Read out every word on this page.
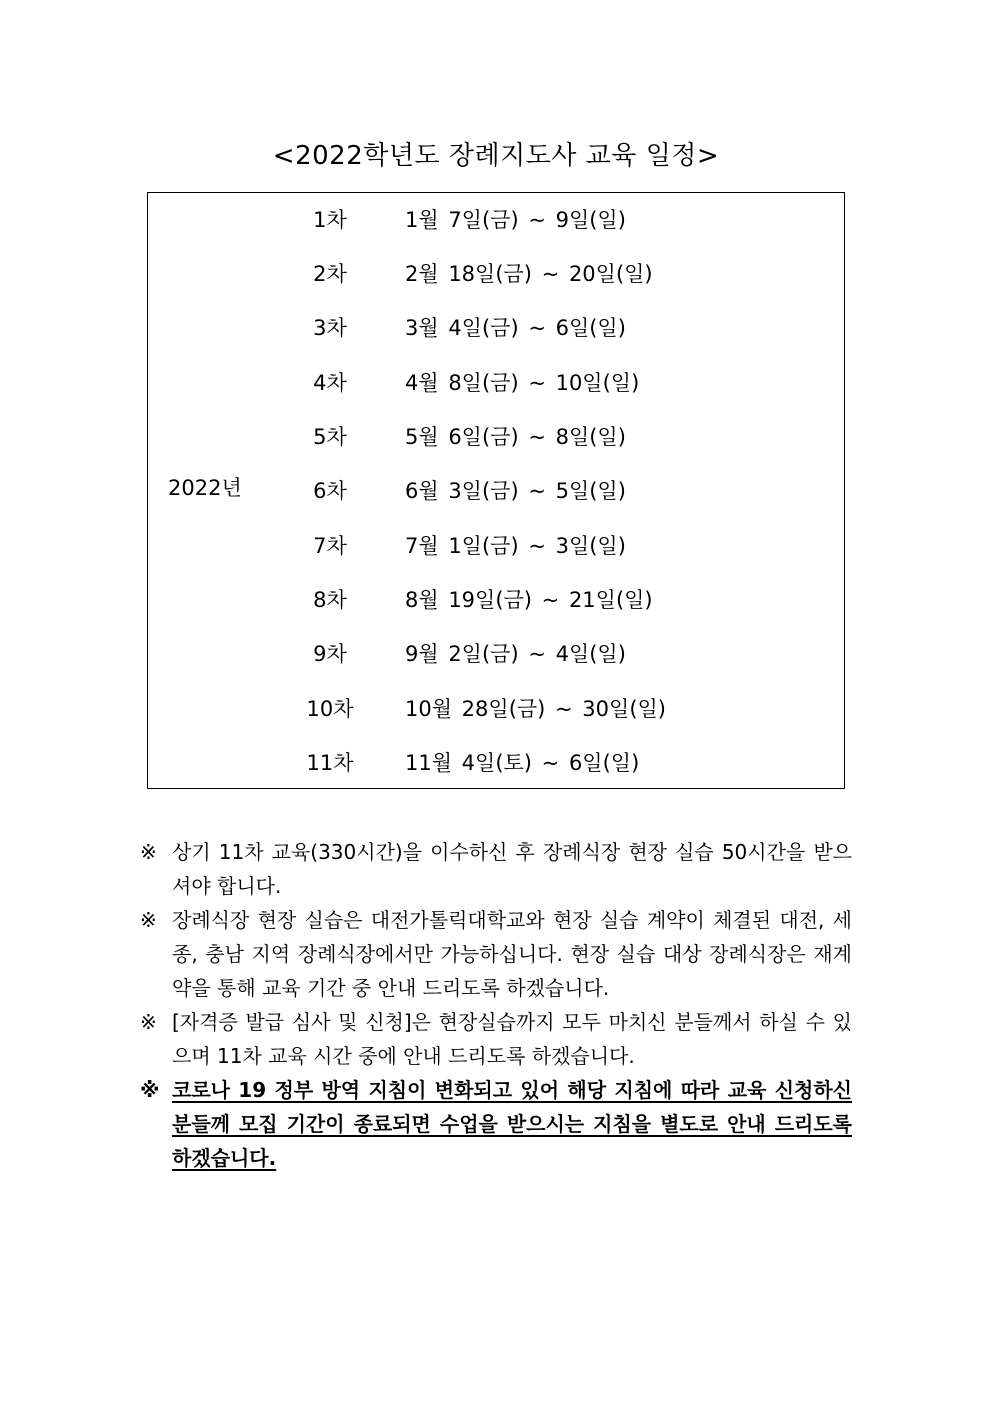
<2022학년도 장례지도사 교육 일정>
2022년
1차	1월 7일(금) ~ 9일(일)
2차	2월 18일(금) ~ 20일(일)
3차	3월 4일(금) ~ 6일(일)
4차	4월 8일(금) ~ 10일(일)
5차	5월 6일(금) ~ 8일(일)
6차	6월 3일(금) ~ 5일(일)
7차	7월 1일(금) ~ 3일(일)
8차	8월 19일(금) ~ 21일(일)
9차	9월 2일(금) ~ 4일(일)
10차	10월 28일(금) ~ 30일(일)
11차	11월 4일(토) ~ 6일(일)
※ 상기 11차 교육(330시간)을 이수하신 후 장례식장 현장 실습 50시간을 받으셔야 합니다.
※ 장례식장 현장 실습은 대전가톨릭대학교와 현장 실습 계약이 체결된 대전, 세종, 충남 지역 장례식장에서만 가능하십니다. 현장 실습 대상 장례식장은 재계약을 통해 교육 기간 중 안내 드리도록 하겠습니다.
※ [자격증 발급 심사 및 신청]은 현장실습까지 모두 마치신 분들께서 하실 수 있으며 11차 교육 시간 중에 안내 드리도록 하겠습니다.
※ 코로나 19 정부 방역 지침이 변화되고 있어 해당 지침에 따라 교육 신청하신 분들께 모집 기간이 종료되면 수업을 받으시는 지침을 별도로 안내 드리도록 하겠습니다.
